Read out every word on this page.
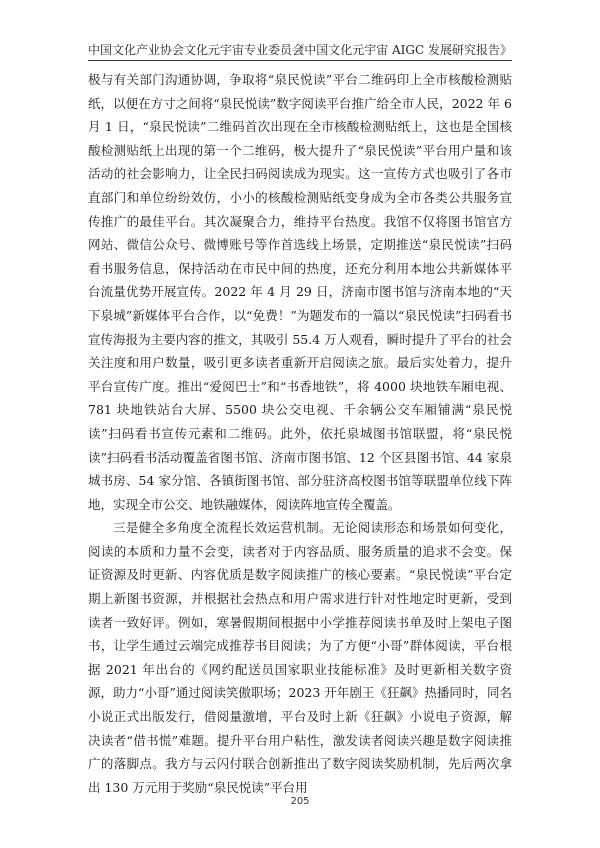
中国文化产业协会文化元宇宙专业委员会
《中国文化元宇宙 AIGC 发展研究报告》

极与有关部门沟通协调，争取将“泉民悦读”平台二维码印上全市核酸检测贴纸，以便在方寸之间将“泉民悦读”数字阅读平台推广给全市人民，2022 年 6 月 1 日，“泉民悦读”二维码首次出现在全市核酸检测贴纸上，这也是全国核酸检测贴纸上出现的第一个二维码，极大提升了“泉民悦读”平台用户量和该活动的社会影响力，让全民扫码阅读成为现实。这一宣传方式也吸引了各市直部门和单位纷纷效仿，小小的核酸检测贴纸变身成为全市各类公共服务宣传推广的最佳平台。其次凝聚合力，维持平台热度。我馆不仅将图书馆官方网站、微信公众号、微博账号等作首选线上场景，定期推送“泉民悦读”扫码看书服务信息，保持活动在市民中间的热度，还充分利用本地公共新媒体平台流量优势开展宣传。2022 年 4 月 29 日，济南市图书馆与济南本地的“天下泉城”新媒体平台合作，以“免费！”为题发布的一篇以“泉民悦读”扫码看书宣传海报为主要内容的推文，其吸引 55.4 万人观看，瞬时提升了平台的社会关注度和用户数量，吸引更多读者重新开启阅读之旅。最后实处着力，提升平台宣传广度。推出“爱阅巴士”和“书香地铁”，将 4000 块地铁车厢电视、781 块地铁站台大屏、5500 块公交电视、千余辆公交车厢铺满“泉民悦读”扫码看书宣传元素和二维码。此外，依托泉城图书馆联盟，将“泉民悦读”扫码看书活动覆盖省图书馆、济南市图书馆、12 个区县图书馆、44 家泉城书房、54 家分馆、各镇街图书馆、部分驻济高校图书馆等联盟单位线下阵地，实现全市公交、地铁融媒体，阅读阵地宣传全覆盖。

三是健全多角度全流程长效运营机制。无论阅读形态和场景如何变化，阅读的本质和力量不会变，读者对于内容品质、服务质量的追求不会变。保证资源及时更新、内容优质是数字阅读推广的核心要素。“泉民悦读”平台定期上新图书资源，并根据社会热点和用户需求进行针对性地定时更新，受到读者一致好评。例如，寒暑假期间根据中小学推荐阅读书单及时上架电子图书，让学生通过云端完成推荐书目阅读；为了方便“小哥”群体阅读，平台根据 2021 年出台的《网约配送员国家职业技能标准》及时更新相关数字资源，助力“小哥”通过阅读笑傲职场；2023 开年剧王《狂飙》热播同时，同名小说正式出版发行，借阅量激增，平台及时上新《狂飙》小说电子资源，解决读者“借书慌”难题。提升平台用户粘性，激发读者阅读兴趣是数字阅读推广的落脚点。我方与云闪付联合创新推出了数字阅读奖励机制，先后两次拿出 130 万元用于奖励“泉民悦读”平台用

205
